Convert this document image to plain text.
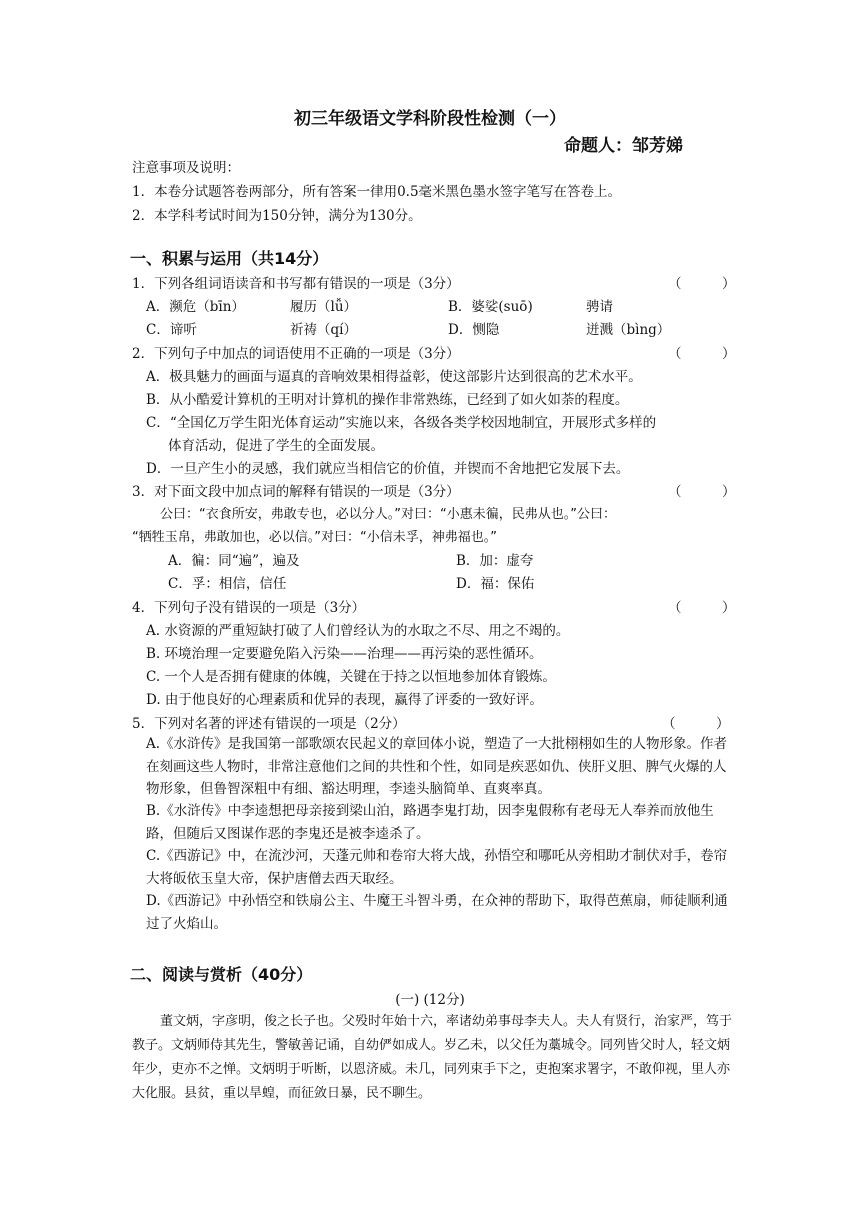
初三年级语文学科阶段性检测（一）
命题人：邹芳娣
注意事项及说明：
1．本卷分试题答卷两部分，所有答案一律用0.5毫米黑色墨水签字笔写在答卷上。
2．本学科考试时间为150分钟，满分为130分。
一、积累与运用（共14分）
1．下列各组词语读音和书写都有错误的一项是（3分）	（　　　）
A．濒危（bīn）	履历（lǚ）	B．婆娑(suō)	骋请
C．谛听	祈祷（qí）	D．恻隐	迸溅（bìng）
2．下列句子中加点的词语使用不正确的一项是（3分）	（　　　）
A．极具魅力的画面与逼真的音响效果相得益彰，使这部影片达到很高的艺术水平。
B．从小酷爱计算机的王明对计算机的操作非常熟练，已经到了如火如荼的程度。
C．“全国亿万学生阳光体育运动”实施以来，各级各类学校因地制宜，开展形式多样的
体育活动，促进了学生的全面发展。
D．一旦产生小的灵感，我们就应当相信它的价值，并锲而不舍地把它发展下去。
3．对下面文段中加点词的解释有错误的一项是（3分）	（　　　）
公曰：“衣食所安，弗敢专也，必以分人。”对曰：“小惠未徧，民弗从也。”公曰：
“牺牲玉帛，弗敢加也，必以信。”对曰：“小信未孚，神弗福也。”
A．徧：同“遍”，遍及	B．加：虚夸
C．孚：相信，信任	D．福：保佑
4．下列句子没有错误的一项是（3分）	（　　　）
A. 水资源的严重短缺打破了人们曾经认为的水取之不尽、用之不竭的。
B. 环境治理一定要避免陷入污染——治理——再污染的恶性循环。
C. 一个人是否拥有健康的体魄，关键在于持之以恒地参加体育锻炼。
D. 由于他良好的心理素质和优异的表现，赢得了评委的一致好评。
5．下列对名著的评述有错误的一项是（2分）	（　　　）
A.《水浒传》是我国第一部歌颂农民起义的章回体小说，塑造了一大批栩栩如生的人物形象。作者在刻画这些人物时，非常注意他们之间的共性和个性，如同是疾恶如仇、侠肝义胆、脾气火爆的人物形象，但鲁智深粗中有细、豁达明理，李逵头脑简单、直爽率真。
B.《水浒传》中李逵想把母亲接到梁山泊，路遇李鬼打劫，因李鬼假称有老母无人奉养而放他生路，但随后又图谋作恶的李鬼还是被李逵杀了。
C.《西游记》中，在流沙河，天蓬元帅和卷帘大将大战，孙悟空和哪吒从旁相助才制伏对手，卷帘大将皈依玉皇大帝，保护唐僧去西天取经。
D.《西游记》中孙悟空和铁扇公主、牛魔王斗智斗勇，在众神的帮助下，取得芭蕉扇，师徒顺利通过了火焰山。
二、阅读与赏析（40分）
(一) (12分)
董文炳，字彦明，俊之长子也。父殁时年始十六，率诸幼弟事母李夫人。夫人有贤行，治家严，笃于教子。文炳师侍其先生，警敏善记诵，自幼俨如成人。岁乙未，以父任为藁城令。同列皆父时人，轻文炳年少，吏亦不之惮。文炳明于听断，以恩济威。未几，同列束手下之，吏抱案求署字，不敢仰视，里人亦大化服。县贫，重以旱蝗，而征敛日暴，民不聊生。
